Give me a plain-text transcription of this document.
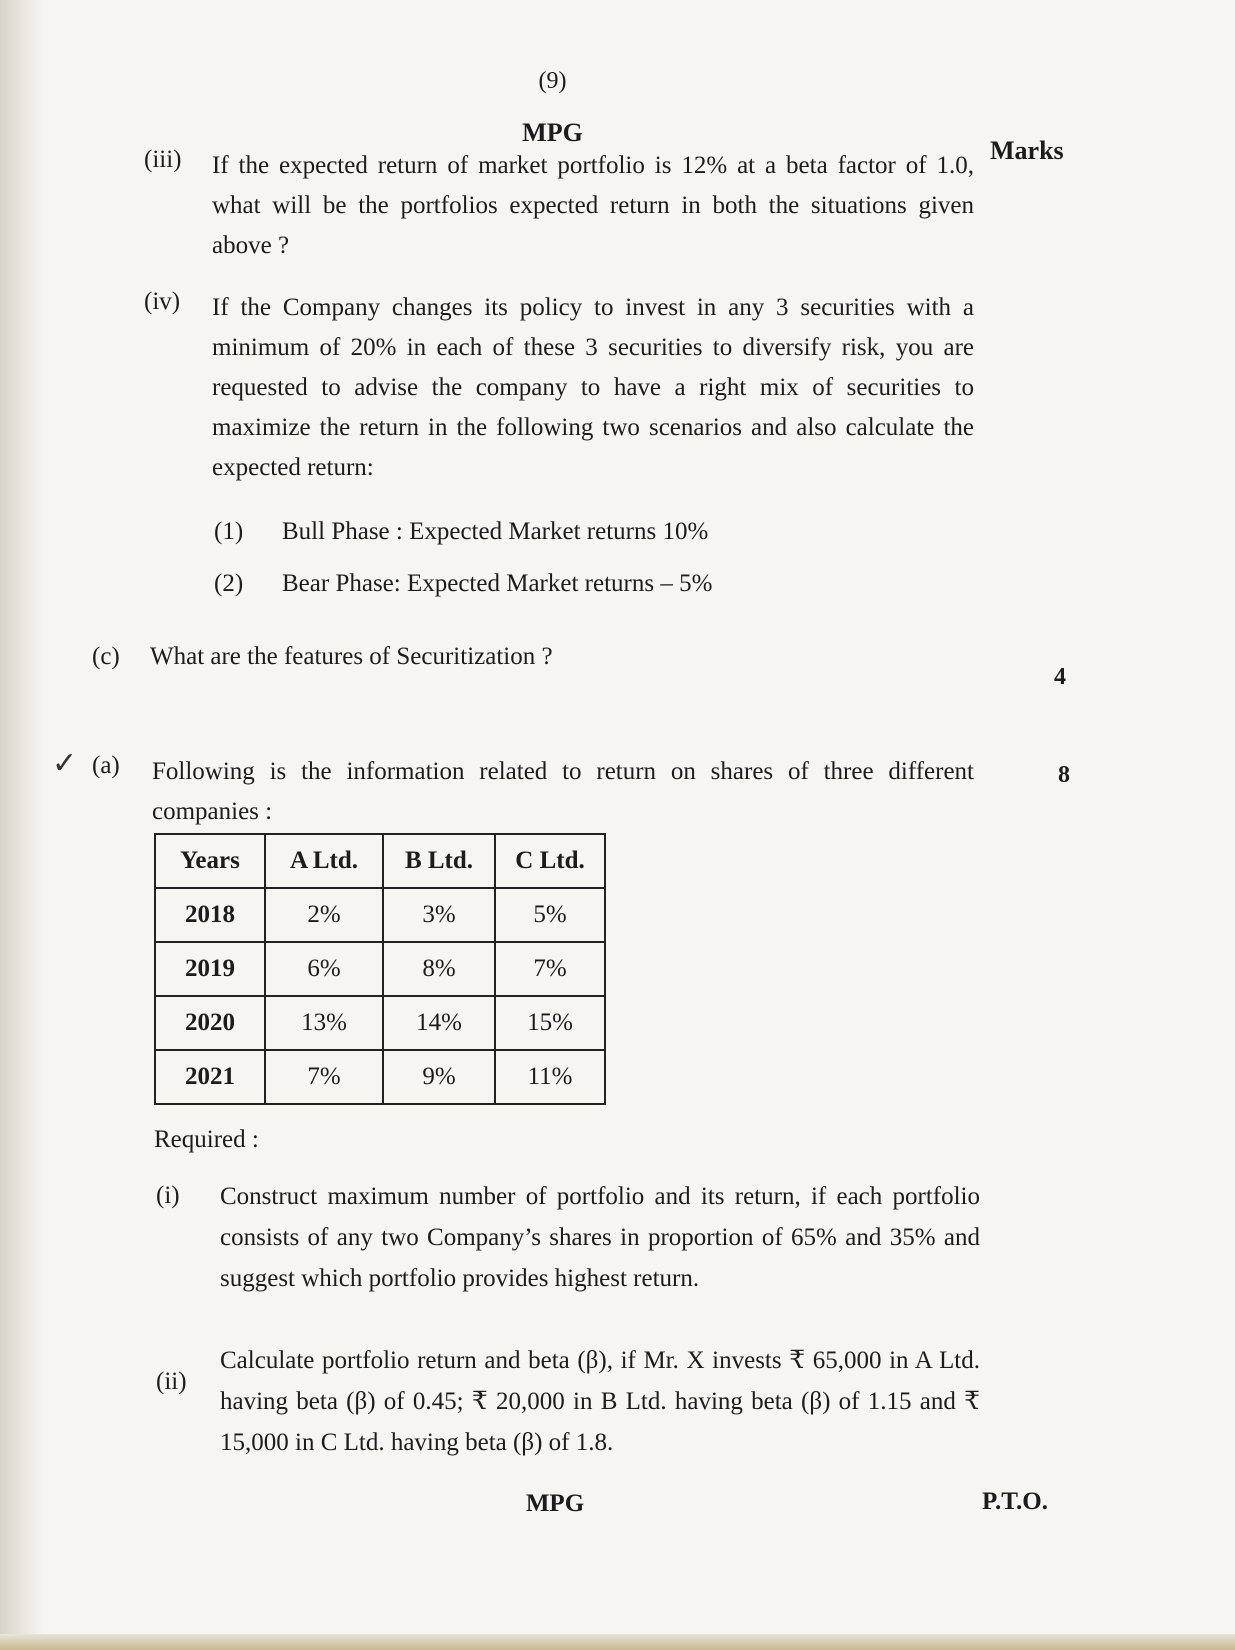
(9)
MPG
Marks
(iii) If the expected return of market portfolio is 12% at a beta factor of 1.0, what will be the portfolios expected return in both the situations given above ?
(iv) If the Company changes its policy to invest in any 3 securities with a minimum of 20% in each of these 3 securities to diversify risk, you are requested to advise the company to have a right mix of securities to maximize the return in the following two scenarios and also calculate the expected return:
(1) Bull Phase : Expected Market returns 10%
(2) Bear Phase: Expected Market returns – 5%
(c) What are the features of Securitization ?
4
✓ (a) Following is the information related to return on shares of three different companies :
8
Years	A Ltd.	B Ltd.	C Ltd.
2018	2%	3%	5%
2019	6%	8%	7%
2020	13%	14%	15%
2021	7%	9%	11%
Required :
(i) Construct maximum number of portfolio and its return, if each portfolio consists of any two Company’s shares in proportion of 65% and 35% and suggest which portfolio provides highest return.
(ii)
Calculate portfolio return and beta (β), if Mr. X invests ₹ 65,000 in A Ltd. having beta (β) of 0.45; ₹ 20,000 in B Ltd. having beta (β) of 1.15 and ₹ 15,000 in C Ltd. having beta (β) of 1.8.
MPG	P.T.O.
